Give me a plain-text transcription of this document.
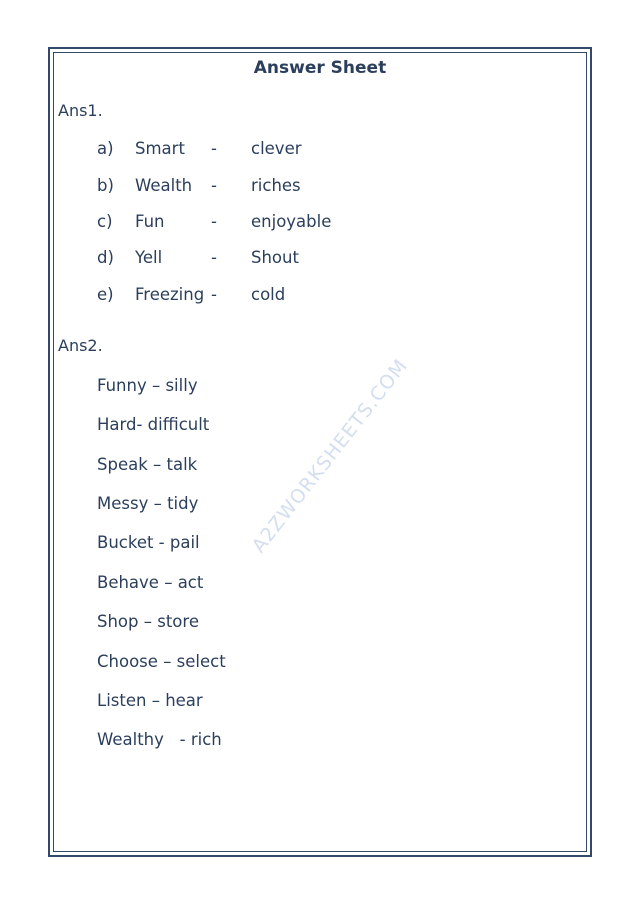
Answer Sheet
A2ZWORKSHEETS.COM
Ans1.
a) Smart - clever
b) Wealth - riches
c) Fun	- enjoyable
d) Yell	- Shout
e) Freezing - cold
Ans2.
Funny – silly
Hard- difficult
Speak – talk
Messy – tidy
Bucket - pail
Behave – act
Shop – store
Choose – select
Listen – hear
Wealthy   - rich
